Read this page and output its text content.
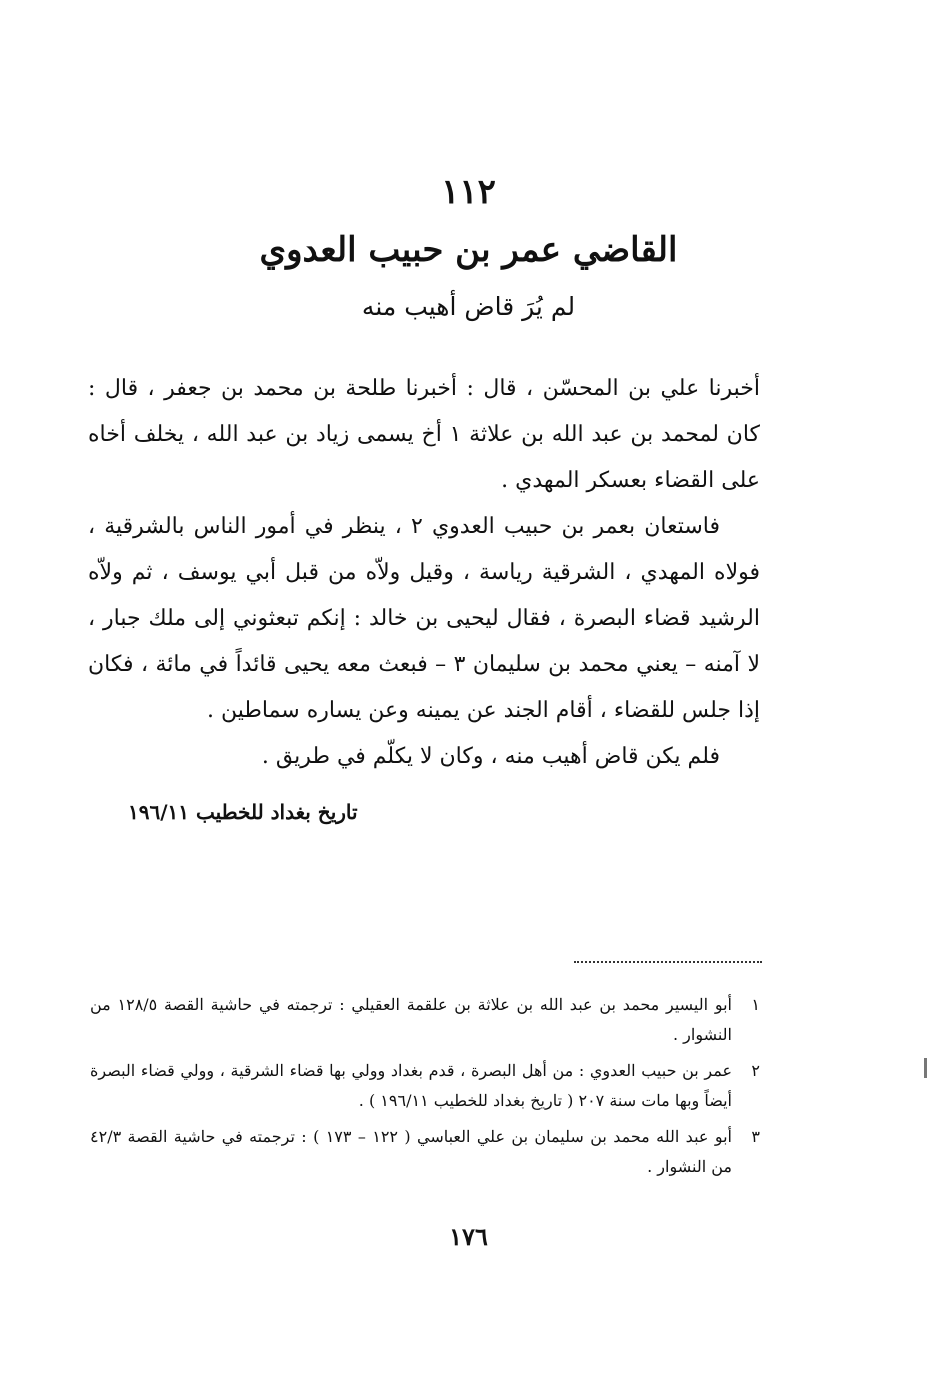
١١٢
القاضي عمر بن حبيب العدوي
لم يُرَ قاض أهيب منه

أخبرنا علي بن المحسّن ، قال : أخبرنا طلحة بن محمد بن جعفر ، قال : كان لمحمد بن عبد الله بن علاثة ١ أخ يسمى زياد بن عبد الله ، يخلف أخاه على القضاء بعسكر المهدي .

فاستعان بعمر بن حبيب العدوي ٢ ، ينظر في أمور الناس بالشرقية ، فولاه المهدي ، الشرقية رياسة ، وقيل ولاّه من قبل أبي يوسف ، ثم ولاّه الرشيد قضاء البصرة ، فقال ليحيى بن خالد : إنكم تبعثوني إلى ملك جبار ، لا آمنه – يعني محمد بن سليمان ٣ – فبعث معه يحيى قائداً في مائة ، فكان إذا جلس للقضاء ، أقام الجند عن يمينه وعن يساره سماطين .

فلم يكن قاض أهيب منه ، وكان لا يكلّم في طريق .

تاريخ بغداد للخطيب ١٩٦/١١
١
أبو اليسير محمد بن عبد الله بن علاثة بن علقمة العقيلي : ترجمته في حاشية القصة ١٢٨/٥ من النشوار .
٢
عمر بن حبيب العدوي : من أهل البصرة ، قدم بغداد وولي بها قضاء الشرقية ، وولي قضاء البصرة أيضاً وبها مات سنة ٢٠٧ ( تاريخ بغداد للخطيب ١٩٦/١١ ) .
٣
أبو عبد الله محمد بن سليمان بن علي العباسي ( ١٢٢ – ١٧٣ ) : ترجمته في حاشية القصة ٤٢/٣ من النشوار .
١٧٦
